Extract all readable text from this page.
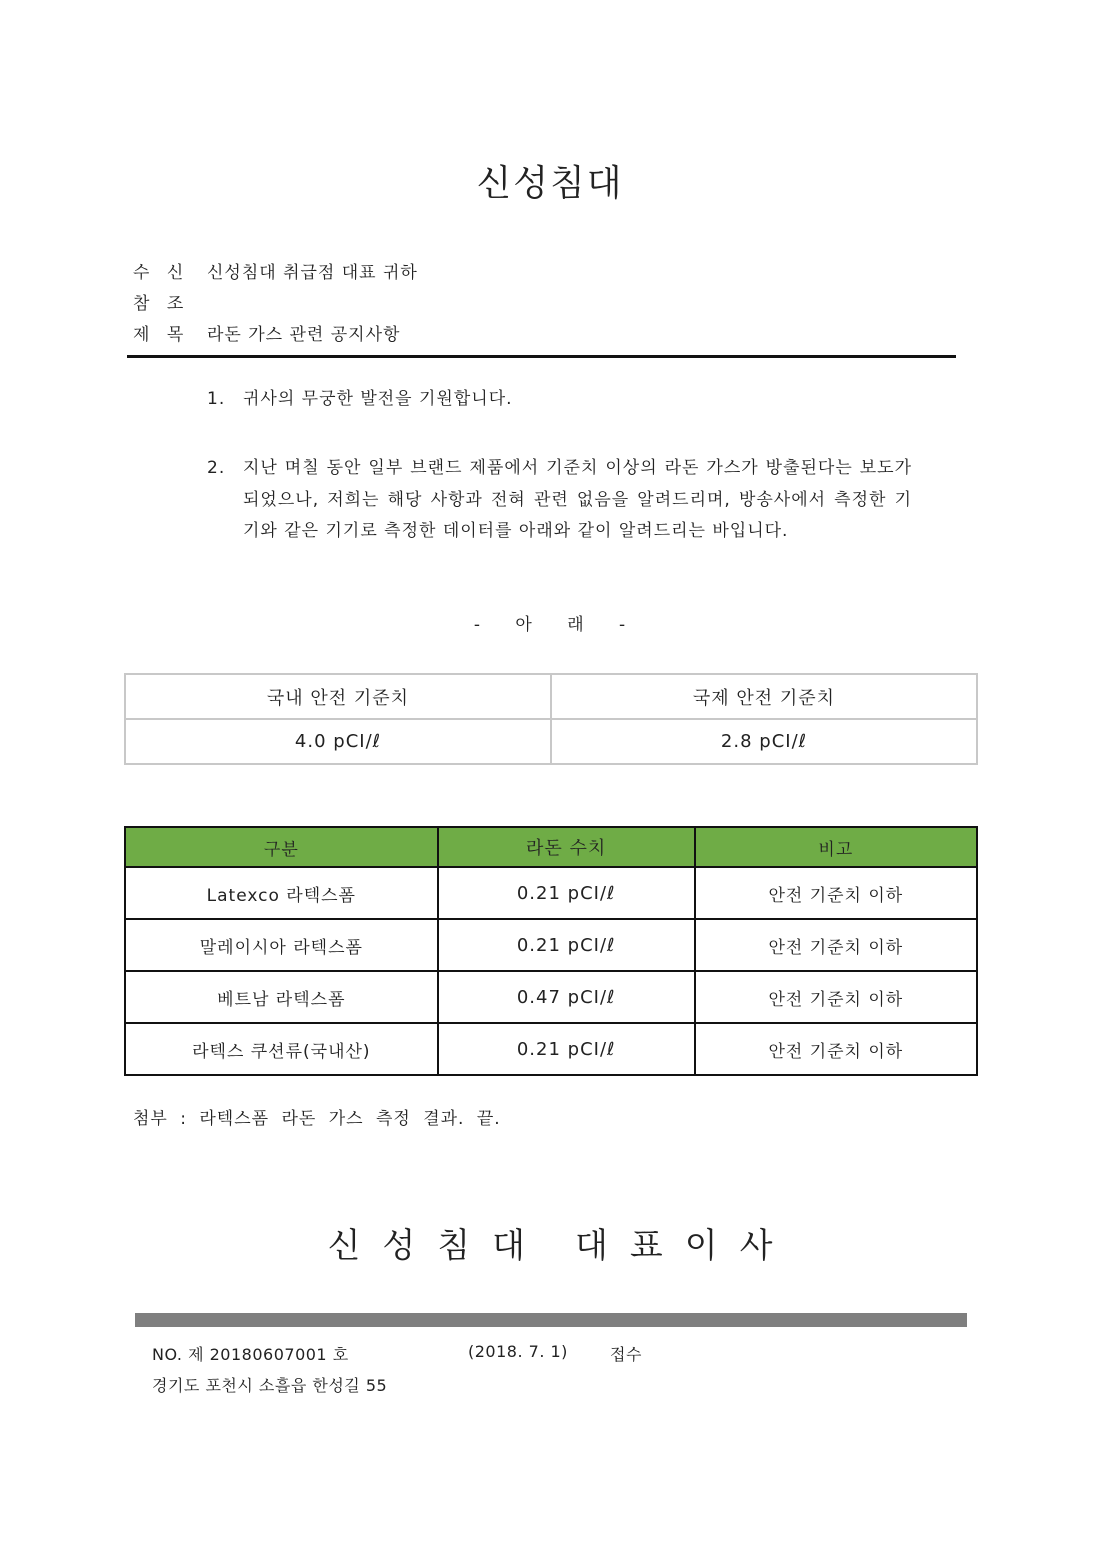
신성침대
수 신 신성침대 취급점 대표 귀하
참 조
제 목 라돈 가스 관련 공지사항
1. 귀사의 무궁한 발전을 기원합니다.
2. 지난 며칠 동안 일부 브랜드 제품에서 기준치 이상의 라돈 가스가 방출된다는 보도가 되었으나, 저희는 해당 사항과 전혀 관련 없음을 알려드리며, 방송사에서 측정한 기기와 같은 기기로 측정한 데이터를 아래와 같이 알려드리는 바입니다.
- 아 래 -
국내 안전 기준치	국제 안전 기준치
4.0 pCI/ℓ	2.8 pCI/ℓ
구분	라돈 수치	비고
Latexco 라텍스폼	0.21 pCI/ℓ	안전 기준치 이하
말레이시아 라텍스폼	0.21 pCI/ℓ	안전 기준치 이하
베트남 라텍스폼	0.47 pCI/ℓ	안전 기준치 이하
라텍스 쿠션류(국내산)	0.21 pCI/ℓ	안전 기준치 이하
첨부 : 라텍스폼 라돈 가스 측정 결과. 끝.
신 성 침 대 대 표 이 사
NO. 제 20180607001 호	(2018. 7. 1)	접수
경기도 포천시 소흘읍 한성길 55
